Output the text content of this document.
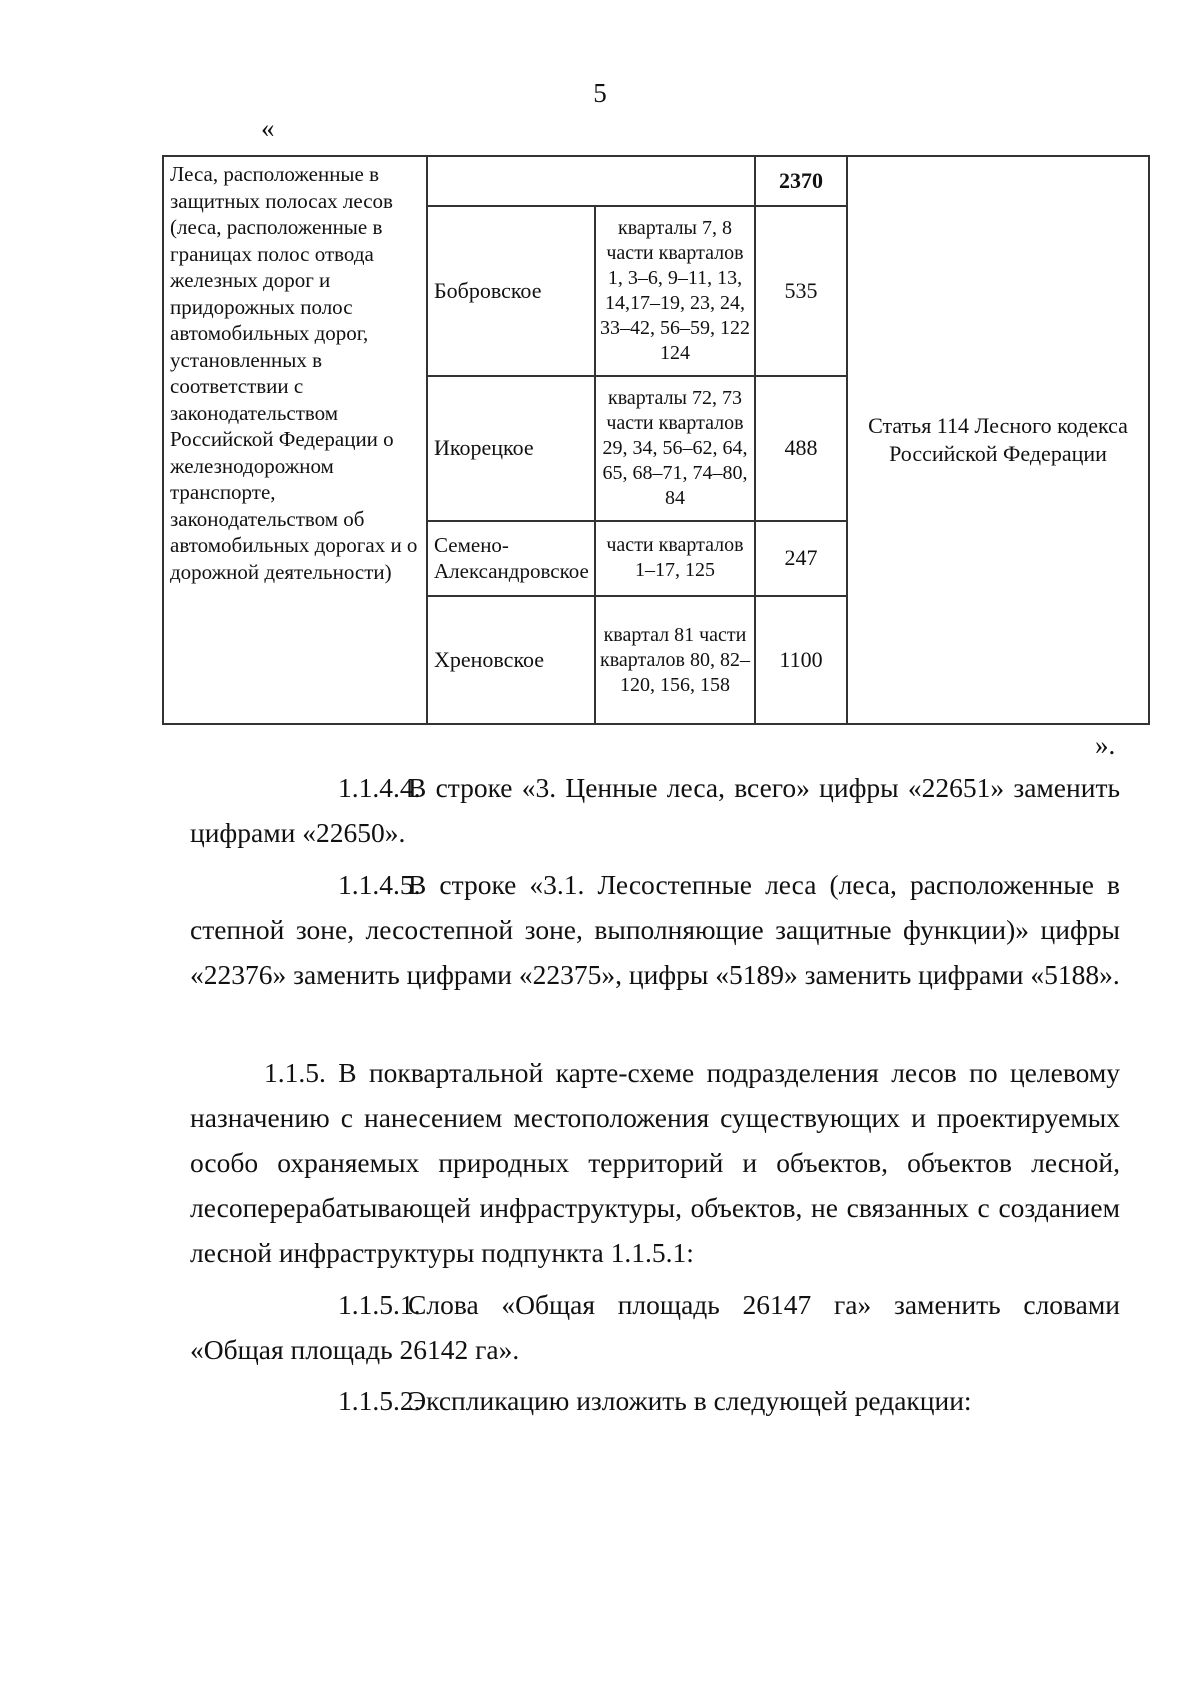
5
«
Леса, расположенные в защитных полосах лесов (леса, расположенные в границах полос отвода железных дорог и придорожных полос автомобильных дорог, установленных в соответствии с законодательством Российской Федерации о железнодорожном транспорте, законодательством об автомобильных дорогах и о дорожной деятельности)			2370	Статья 114 Лесного кодекса Российской Федерации
	Бобровское	кварталы 7, 8 части кварталов 1, 3–6, 9–11, 13, 14,17–19, 23, 24, 33–42, 56–59, 122 124	535	
	Икорецкое	кварталы 72, 73 части кварталов 29, 34, 56–62, 64, 65, 68–71, 74–80, 84	488	
	Семено-Александровское	части кварталов 1–17, 125	247	
	Хреновское	квартал 81 части кварталов 80, 82–120, 156, 158	1100	
».
1.1.4.4.В строке «3. Ценные леса, всего» цифры «22651» заменить
цифрами «22650».
1.1.4.5.В строке «3.1. Лесостепные леса (леса, расположенные в
степной зоне, лесостепной зоне, выполняющие защитные функции)» цифры «22376» заменить цифрами «22375», цифры «5189» заменить цифрами «5188».

1.1.5. В поквартальной карте-схеме подразделения лесов по целевому назначению с нанесением местоположения существующих и проектируемых особо охраняемых природных территорий и объектов, объектов лесной, лесоперерабатывающей инфраструктуры, объектов, не связанных с созданием лесной инфраструктуры подпункта 1.1.5.1:

1.1.5.1.Слова «Общая площадь 26147 га» заменить словами
«Общая площадь 26142 га».
1.1.5.2.Экспликацию изложить в следующей редакции:
